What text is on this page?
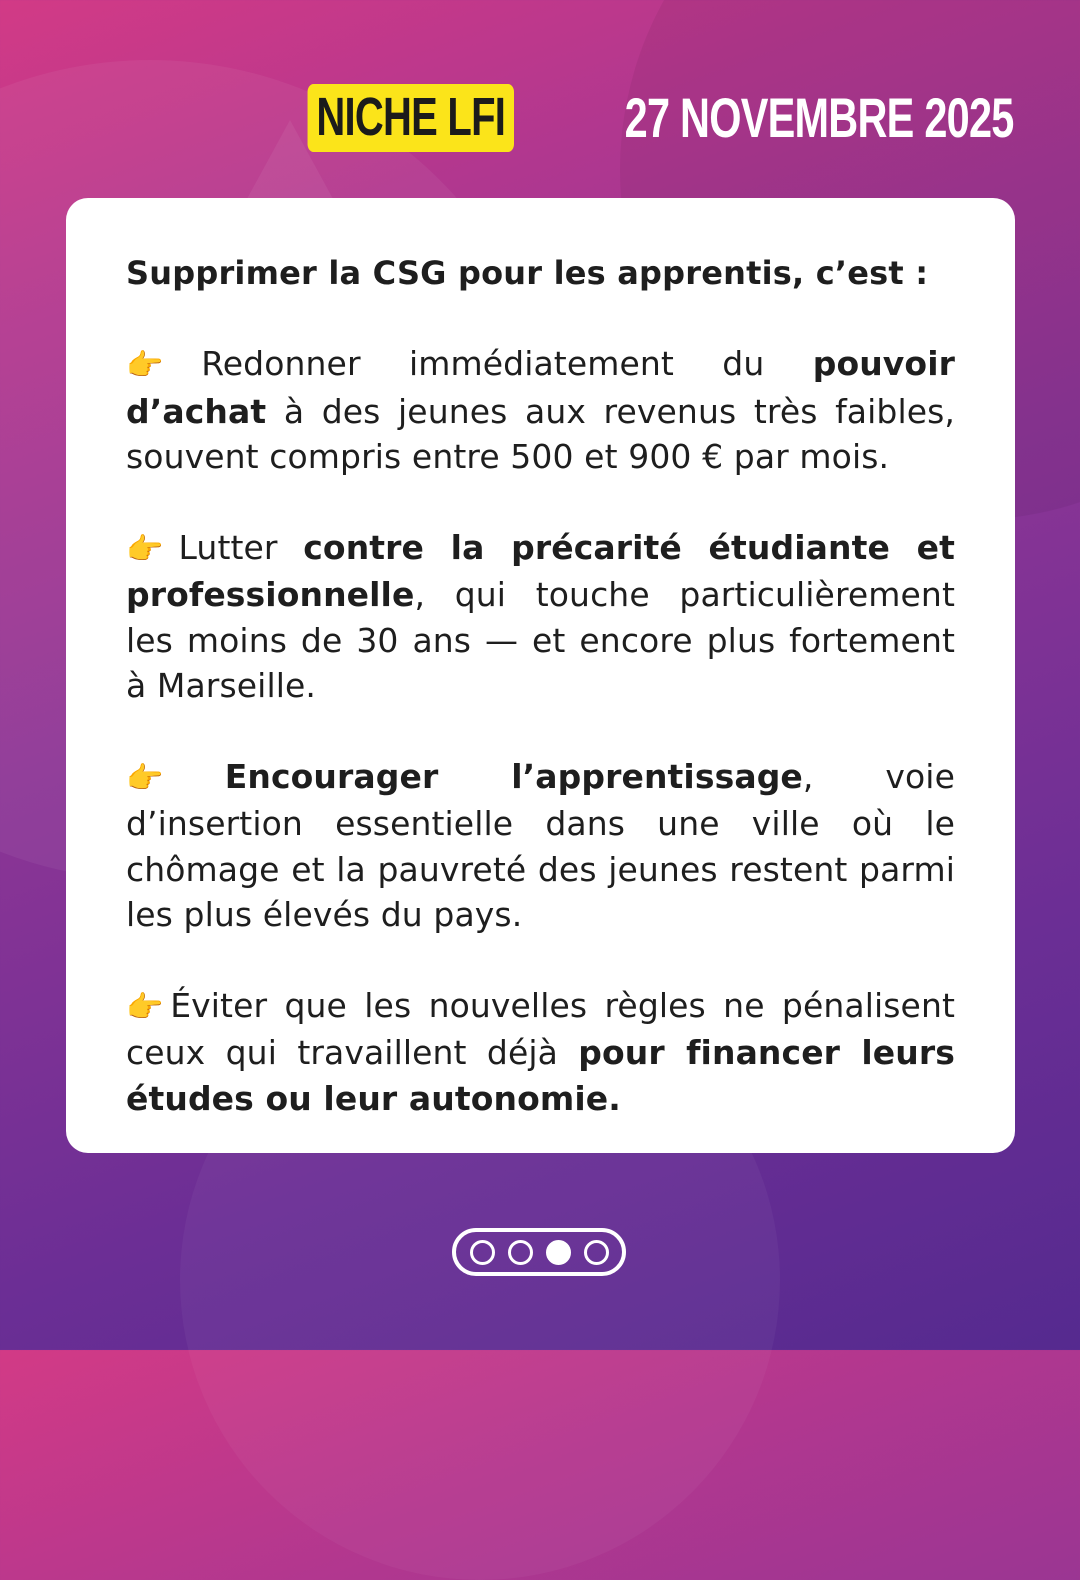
NICHE LFI 27 NOVEMBRE 2025

Supprimer la CSG pour les apprentis, c’est :

👉Redonner immédiatement du pouvoir d’achat à des jeunes aux revenus très faibles, souvent compris entre 500 et 900 € par mois.

👉Lutter contre la précarité étudiante et professionnelle, qui touche particulièrement les moins de 30 ans — et encore plus fortement à Marseille.

👉Encourager l’apprentissage, voie d’insertion essentielle dans une ville où le chômage et la pauvreté des jeunes restent parmi les plus élevés du pays.

👉Éviter que les nouvelles règles ne pénalisent ceux qui travaillent déjà pour financer leurs études ou leur autonomie.
